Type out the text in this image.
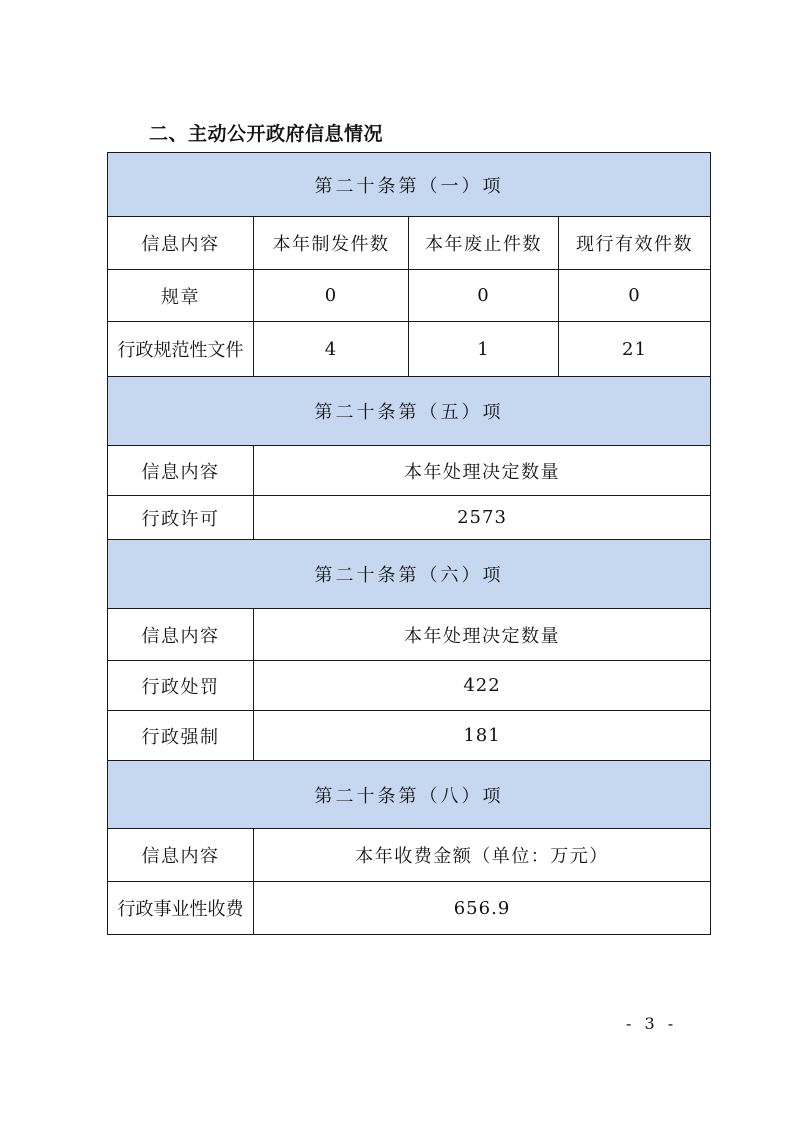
二、主动公开政府信息情况
第二十条第（一）项			
信息内容	本年制发件数	本年废止件数	现行有效件数
规章	0	0	0
行政规范性文件	4	1	21
第二十条第（五）项			
信息内容	本年处理决定数量		
行政许可	2573		
第二十条第（六）项			
信息内容	本年处理决定数量		
行政处罚	422		
行政强制	181		
第二十条第（八）项			
信息内容	本年收费金额（单位：万元）		
行政事业性收费	656.9		
- 3 -
